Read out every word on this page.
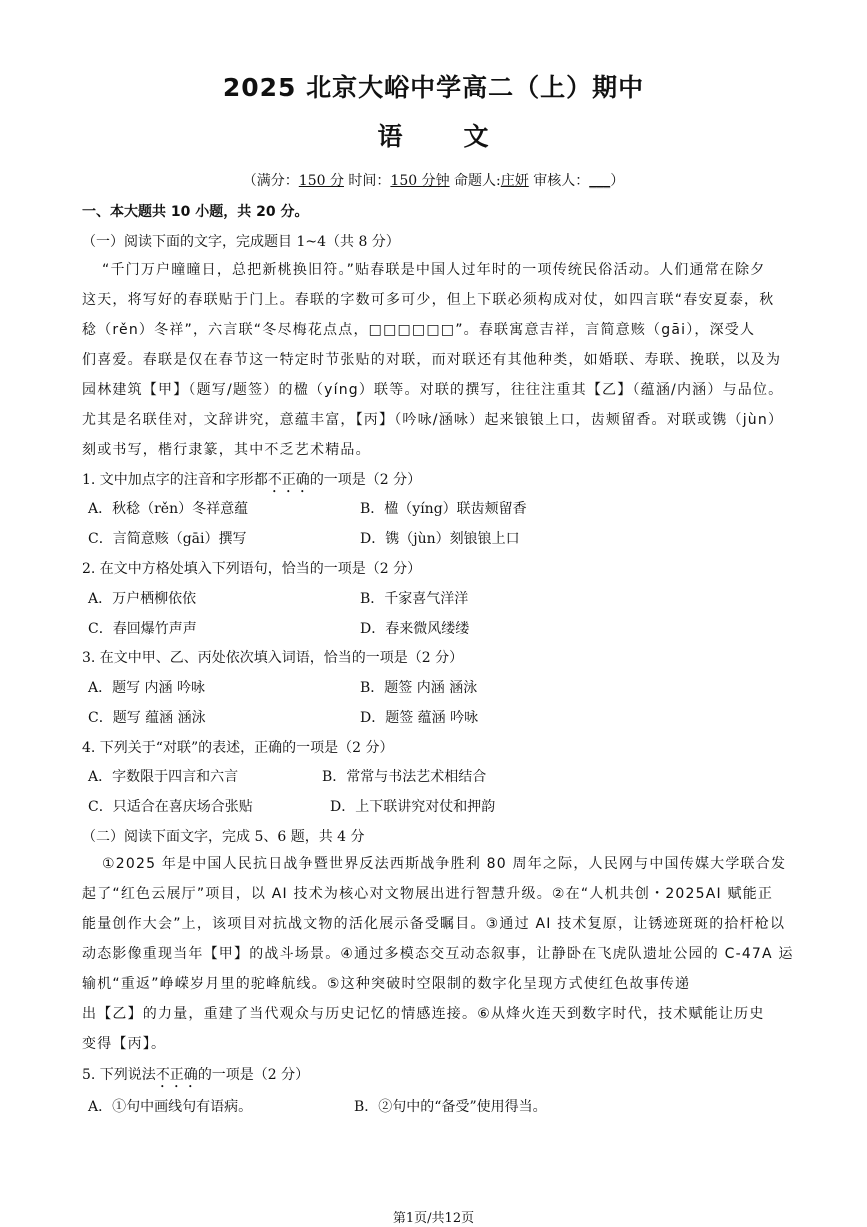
2025 北京大峪中学高二（上）期中
语 文
（满分：150 分 时间：150 分钟 命题人:庄妍 审核人：___）
一、本大题共 10 小题，共 20 分。
（一）阅读下面的文字，完成题目 1~4（共 8 分）

“千门万户曈曈日，总把新桃换旧符。”贴春联是中国人过年时的一项传统民俗活动。人们通常在除夕

这天，将写好的春联贴于门上。春联的字数可多可少，但上下联必须构成对仗，如四言联“春安夏泰，秋

稔（rěn）冬祥”，六言联“冬尽梅花点点，□□□□□□”。春联寓意吉祥，言简意赅（gāi），深受人

们喜爱。春联是仅在春节这一特定时节张贴的对联，而对联还有其他种类，如婚联、寿联、挽联，以及为

园林建筑【甲】（题写/题签）的楹（yíng）联等。对联的撰写，往往注重其【乙】（蕴涵/内涵）与品位。

尤其是名联佳对，文辞讲究，意蕴丰富，【丙】（吟咏/涵咏）起来锒锒上口，齿颊留香。对联或镌（jùn）

刻或书写，楷行隶篆，其中不乏艺术精品。

1. 文中加点字的注音和字形都不正确的一项是（2 分）
A．秋稔（rěn）冬祥意蕴	B．楹（yíng）联齿颊留香
C．言简意赅（gāi）撰写	D．镌（jùn）刻锒锒上口
2. 在文中方格处填入下列语句，恰当的一项是（2 分）
A．万户栖柳依依	B．千家喜气洋洋
C．春回爆竹声声	D．春来微风缕缕
3. 在文中甲、乙、丙处依次填入词语，恰当的一项是（2 分）
A．题写 内涵 吟咏	B．题签 内涵 涵泳
C．题写 蕴涵 涵泳	D．题签 蕴涵 吟咏
4. 下列关于“对联”的表述，正确的一项是（2 分）
A．字数限于四言和六言	B．常常与书法艺术相结合
C．只适合在喜庆场合张贴	D．上下联讲究对仗和押韵
（二）阅读下面文字，完成 5、6 题，共 4 分

①2025 年是中国人民抗日战争暨世界反法西斯战争胜利 80 周年之际，人民网与中国传媒大学联合发

起了“红色云展厅”项目，以 AI 技术为核心对文物展出进行智慧升级。②在“人机共创・2025AI 赋能正

能量创作大会”上，该项目对抗战文物的活化展示备受瞩目。③通过 AI 技术复原，让锈迹斑斑的拾杆枪以

动态影像重现当年【甲】的战斗场景。④通过多模态交互动态叙事，让静卧在飞虎队遗址公园的 C-47A 运

输机“重返”峥嵘岁月里的驼峰航线。⑤这种突破时空限制的数字化呈现方式使红色故事传递

出【乙】的力量，重建了当代观众与历史记忆的情感连接。⑥从烽火连天到数字时代，技术赋能让历史

变得【丙】。

5. 下列说法不正确的一项是（2 分）
A．①句中画线句有语病。	B．②句中的“备受”使用得当。
第1页/共12页
